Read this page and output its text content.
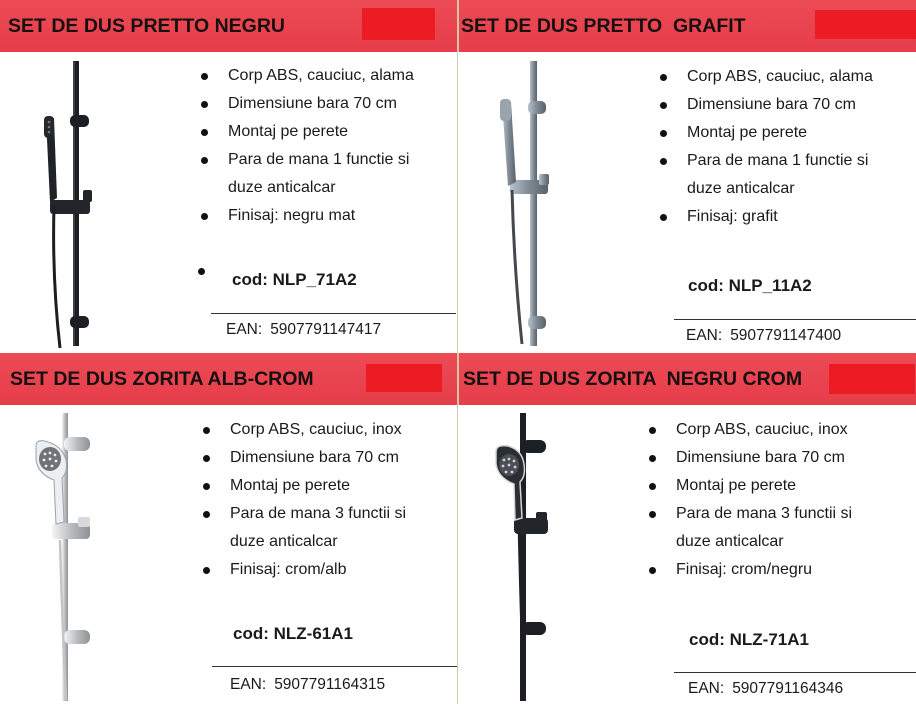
SET DE DUS PRETTO NEGRU	SET DE DUS PRETTO  GRAFIT
SET DE DUS ZORITA ALB-CROM	SET DE DUS ZORITA  NEGRU CROM
Corp ABS, cauciuc, alama
Dimensiune bara 70 cm
Montaj pe perete
Para de mana 1 functie si
duze anticalcar
Finisaj: negru mat
cod: NLP_71A2
EAN: 5907791147417
Corp ABS, cauciuc, alama
Dimensiune bara 70 cm
Montaj pe perete
Para de mana 1 functie si
duze anticalcar
Finisaj: grafit
cod: NLP_11A2
EAN: 5907791147400
Corp ABS, cauciuc, inox
Dimensiune bara 70 cm
Montaj pe perete
Para de mana 3 functii si
duze anticalcar
Finisaj: crom/alb
cod: NLZ-61A1
EAN: 5907791164315
Corp ABS, cauciuc, inox
Dimensiune bara 70 cm
Montaj pe perete
Para de mana 3 functii si
duze anticalcar
Finisaj: crom/negru
cod: NLZ-71A1
EAN: 5907791164346
